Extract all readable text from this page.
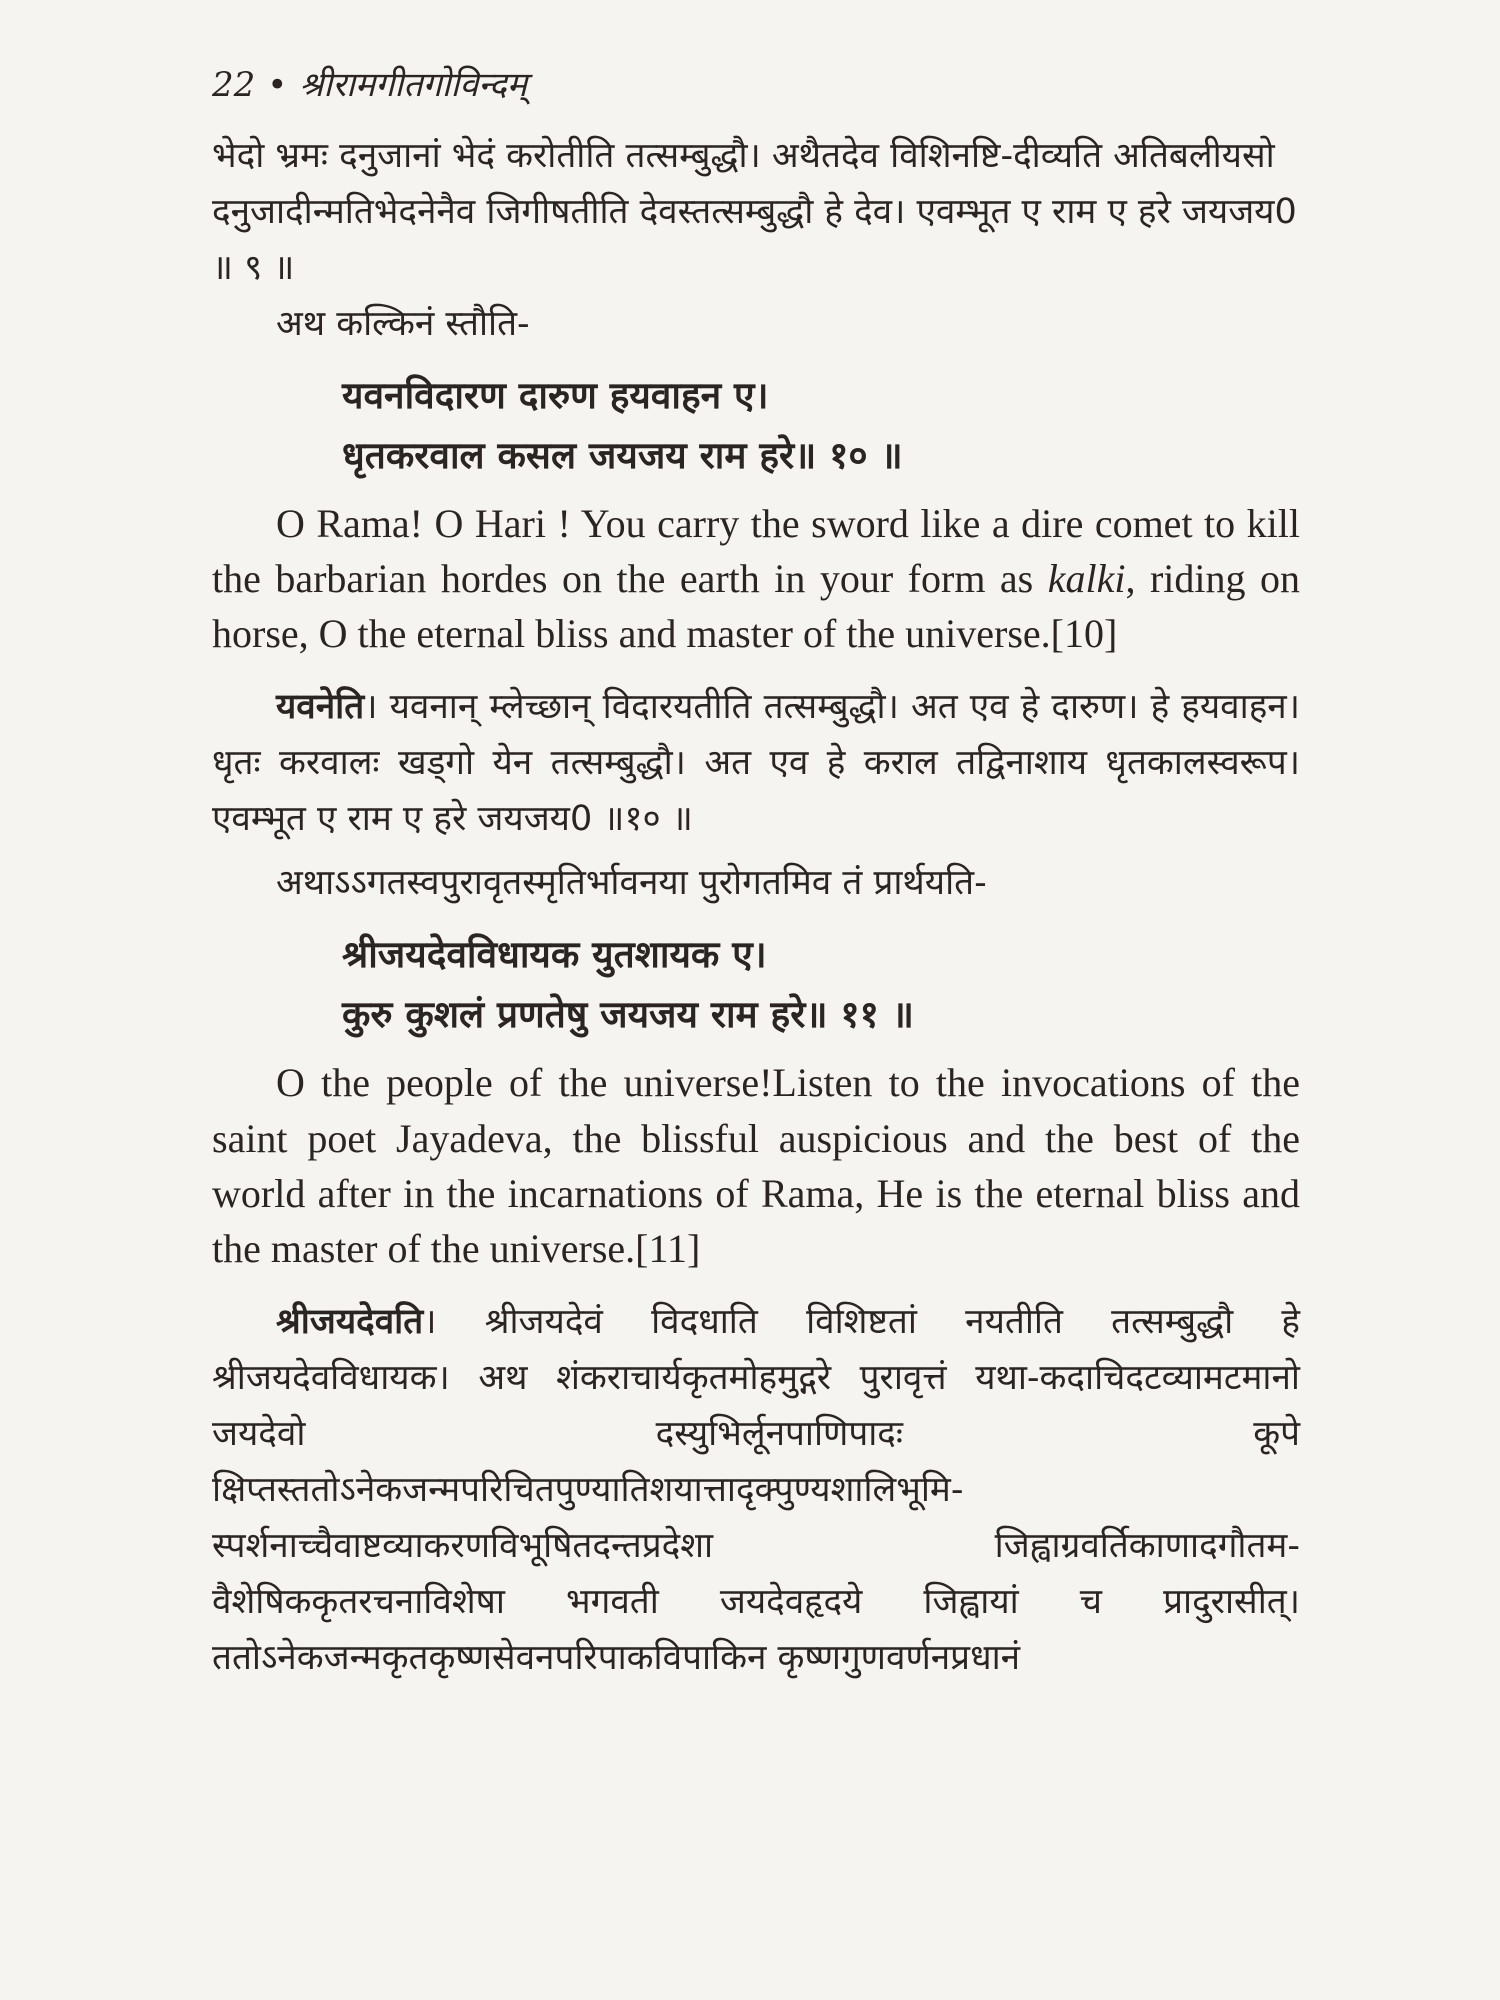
22 • श्रीरामगीतगोविन्दम्

भेदो भ्रमः दनुजानां भेदं करोतीति तत्सम्बुद्धौ। अथैतदेव विशिनष्टि-दीव्यति अतिबलीयसो दनुजादीन्मतिभेदनेनैव जिगीषतीति देवस्तत्सम्बुद्धौ हे देव। एवम्भूत ए राम ए हरे जयजय0 ॥ ९ ॥

अथ कल्किनं स्तौति-

यवनविदारण दारुण हयवाहन ए।
धृतकरवाल कसल जयजय राम हरे॥ १० ॥

O Rama! O Hari ! You carry the sword like a dire comet to kill the barbarian hordes on the earth in your form as kalki, riding on horse, O the eternal bliss and master of the universe.[10]

यवनेति। यवनान् म्लेच्छान् विदारयतीति तत्सम्बुद्धौ। अत एव हे दारुण। हे हयवाहन। धृतः करवालः खड्गो येन तत्सम्बुद्धौ। अत एव हे कराल तद्विनाशाय धृतकालस्वरूप। एवम्भूत ए राम ए हरे जयजय0 ॥१० ॥

अथाऽऽगतस्वपुरावृतस्मृतिर्भावनया पुरोगतमिव तं प्रार्थयति-

श्रीजयदेवविधायक युतशायक ए।
कुरु कुशलं प्रणतेषु जयजय राम हरे॥ ११ ॥

O the people of the universe!Listen to the invocations of the saint poet Jayadeva, the blissful auspicious and the best of the world after in the incarnations of Rama, He is the eternal bliss and the master of the universe.[11]

श्रीजयदेवति। श्रीजयदेवं विदधाति विशिष्टतां नयतीति तत्सम्बुद्धौ हे श्रीजयदेवविधायक। अथ शंकराचार्यकृतमोहमुद्गरे पुरावृत्तं यथा-कदाचिदटव्यामटमानो जयदेवो दस्युभिर्लूनपाणिपादः कूपे क्षिप्तस्ततोऽनेकजन्मपरिचितपुण्यातिशयात्तादृक्पुण्यशालिभूमि-स्पर्शनाच्चैवाष्टव्याकरणविभूषितदन्तप्रदेशा जिह्वाग्रवर्तिकाणादगौतम-वैशेषिककृतरचनाविशेषा भगवती जयदेवहृदये जिह्वायां च प्रादुरासीत्। ततोऽनेकजन्मकृतकृष्णसेवनपरिपाकविपाकिन कृष्णगुणवर्णनप्रधानं
